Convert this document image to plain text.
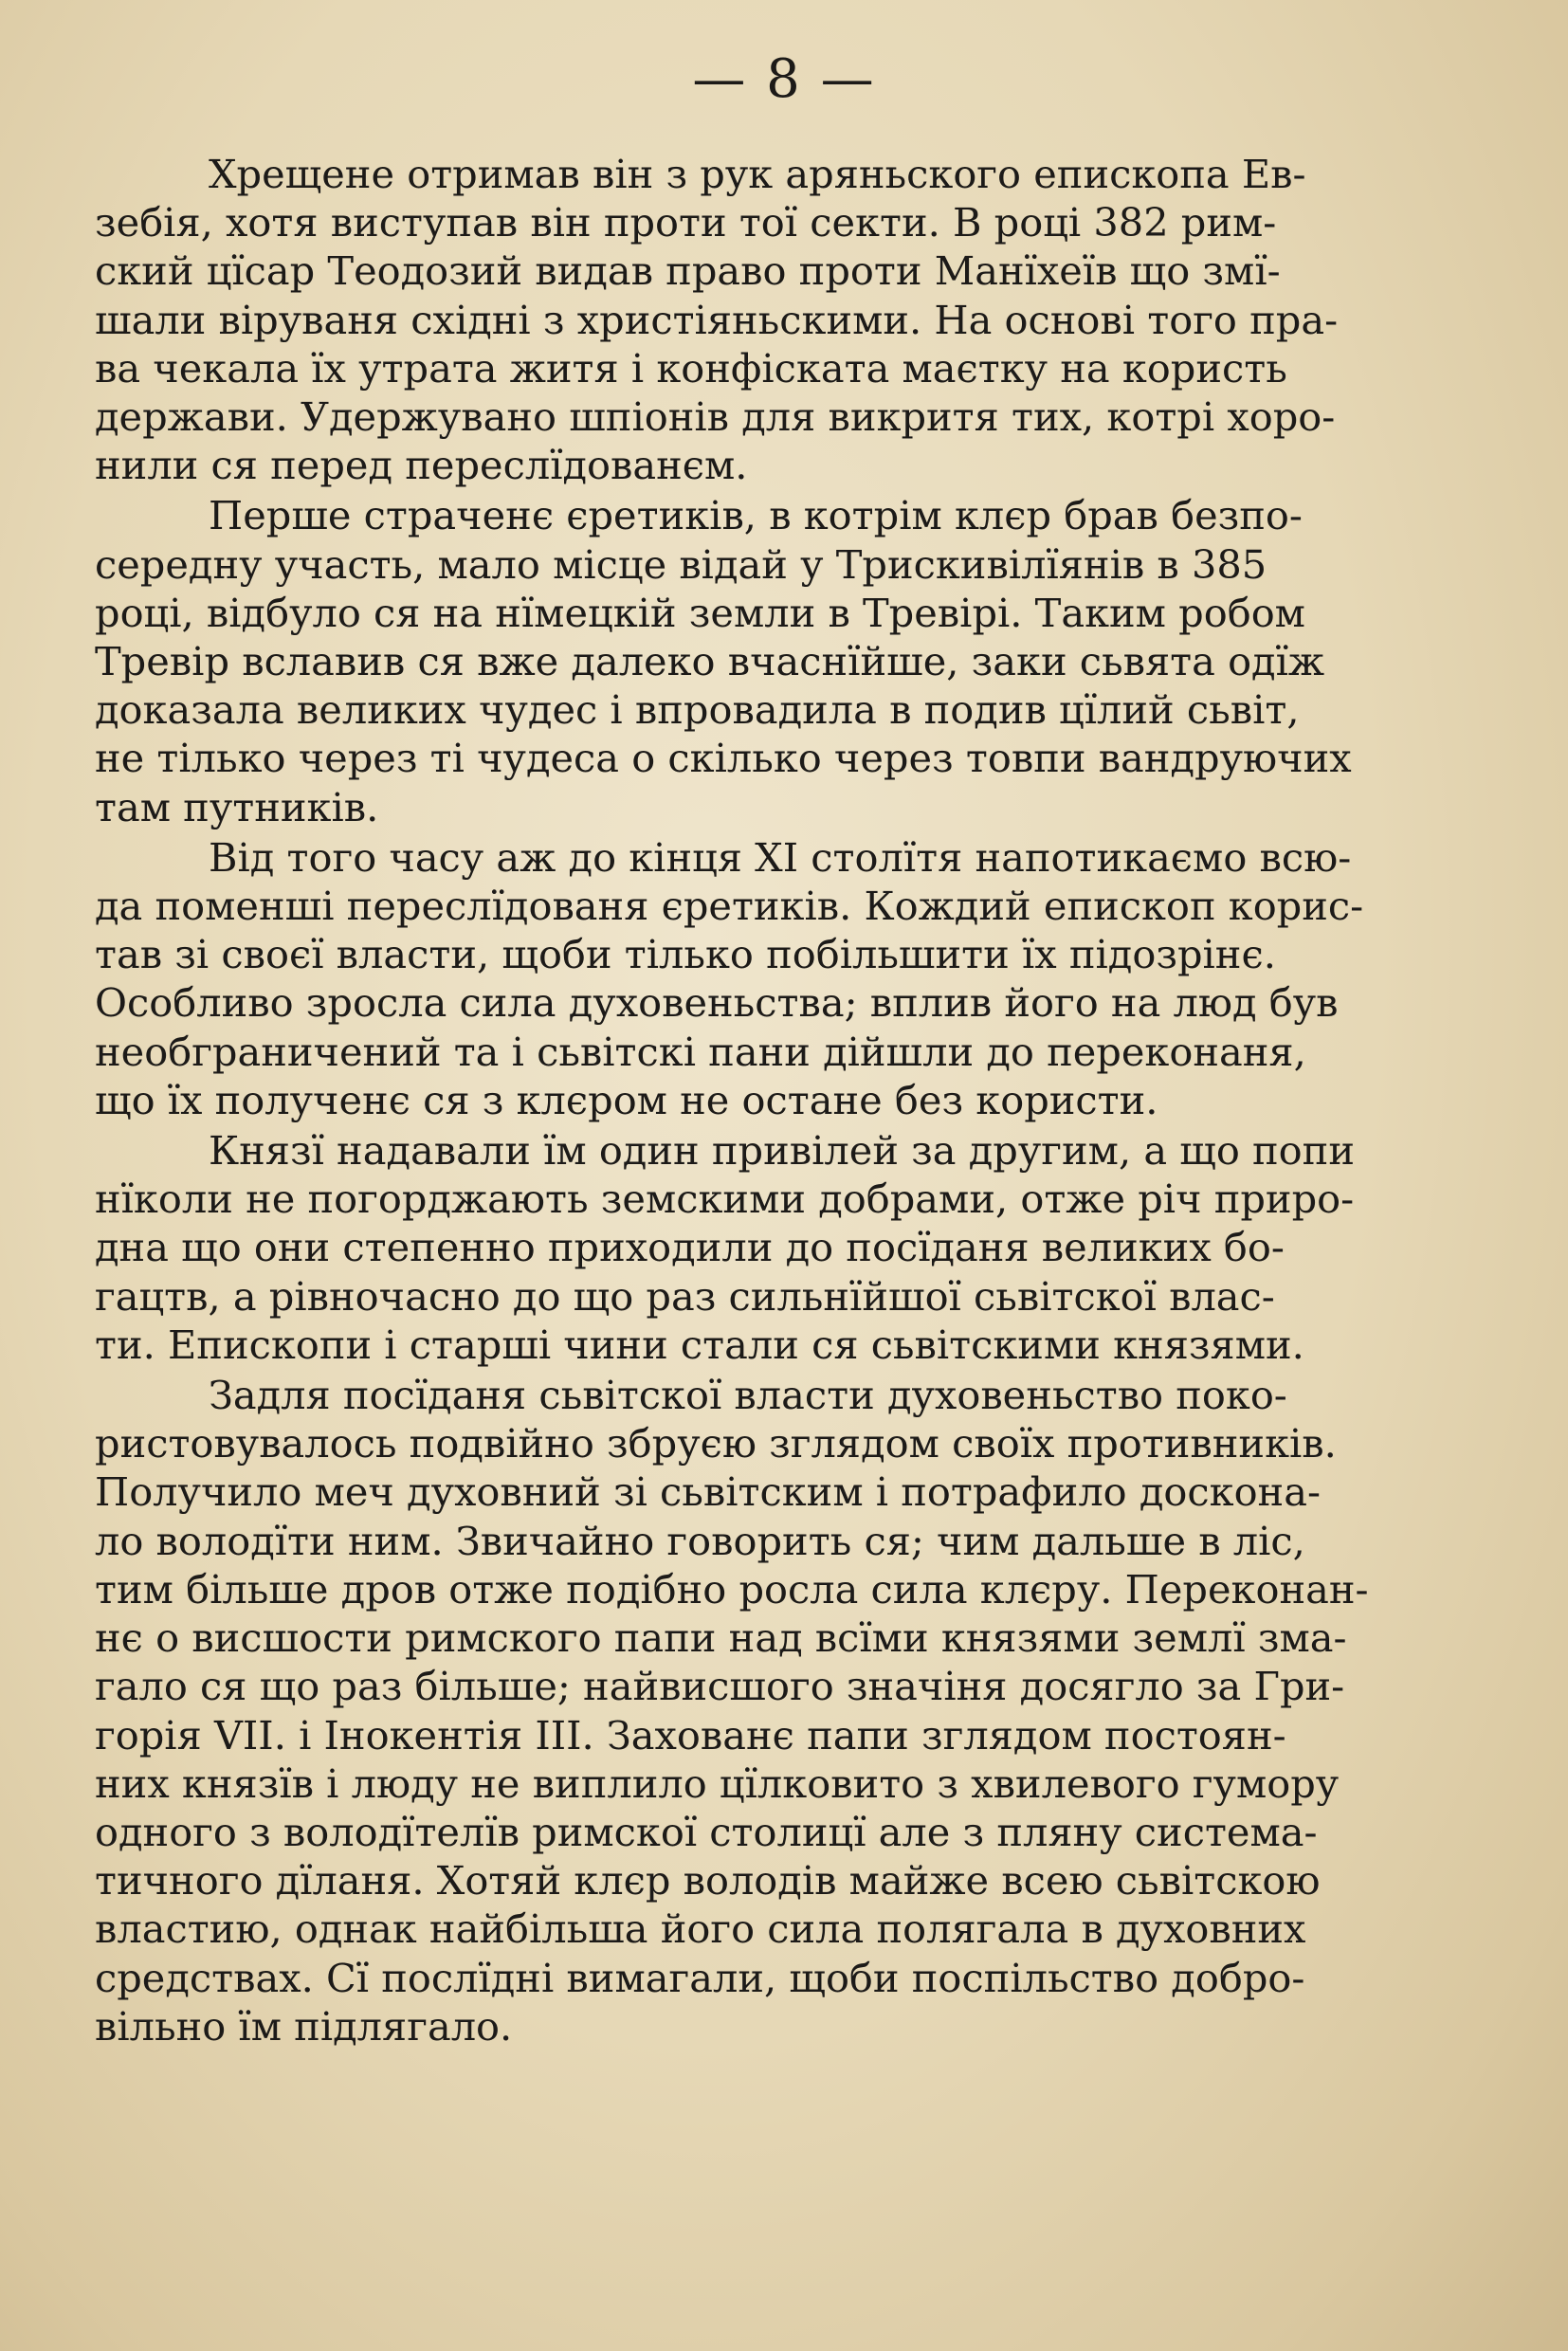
— 8 —

Хрещене отримав він з рук аряньского епископа Ев-
зебія, хотя виступав він проти тої секти. В році 382 рим-
ский цїсар Теодозий видав право проти Манїхеїв що змї-
шали віруваня східні з христіяньскими. На основі того пра-
ва чекала їх утрата житя і конфіската маєтку на користь
держави. Удержувано шпіонів для викритя тих, котрі хоро-
нили ся перед переслїдованєм.

Перше страченє єретиків, в котрім клєр брав безпо-
середну участь, мало місце відай у Трискивілїянів в 385
році, відбуло ся на нїмецкій земли в Тревірі. Таким робом
Тревір вславив ся вже далеко вчаснїйше, заки сьвята одїж
доказала великих чудес і впровадила в подив цїлий сьвіт,
не тілько через ті чудеса о скілько через товпи вандруючих
там путників.

Від того часу аж до кінця XI столїтя напотикаємо всю-
да поменші переслїдованя єретиків. Кождий епископ корис-
тав зі своєї власти, щоби тілько побільшити їх підозрінє.
Особливо зросла сила духовеньства; вплив його на люд був
необграничений та і сьвітскі пани дійшли до переконаня,
що їх полученє ся з клєром не остане без користи.

Князї надавали їм один привілей за другим, а що попи
нїколи не погорджають земскими добрами, отже річ приро-
дна що они степенно приходили до посїданя великих бо-
гацтв, а рівночасно до що раз сильнїйшої сьвітскої влас-
ти. Епископи і старші чини стали ся сьвітскими князями.

Задля посїданя сьвітскої власти духовеньство поко-
ристовувалось подвійно збруєю зглядом своїх противників.
Получило меч духовний зі сьвітским і потрафило доскона-
ло володїти ним. Звичайно говорить ся; чим дальше в ліс,
тим більше дров отже подібно росла сила клєру. Переконан-
нє о висшости римского папи над всїми князями землї зма-
гало ся що раз більше; найвисшого значіня досягло за Гри-
горія VII. і Інокентія III. Захованє папи зглядом постоян-
них князїв і люду не виплило цїлковито з хвилевого гумору
одного з володїтелїв римскої столицї але з пляну система-
тичного дїланя. Хотяй клєр володів майже всею сьвітскою
властию, однак найбільша його сила полягала в духовних
средствах. Сї послїдні вимагали, щоби поспільство добро-
вільно їм підлягало.
